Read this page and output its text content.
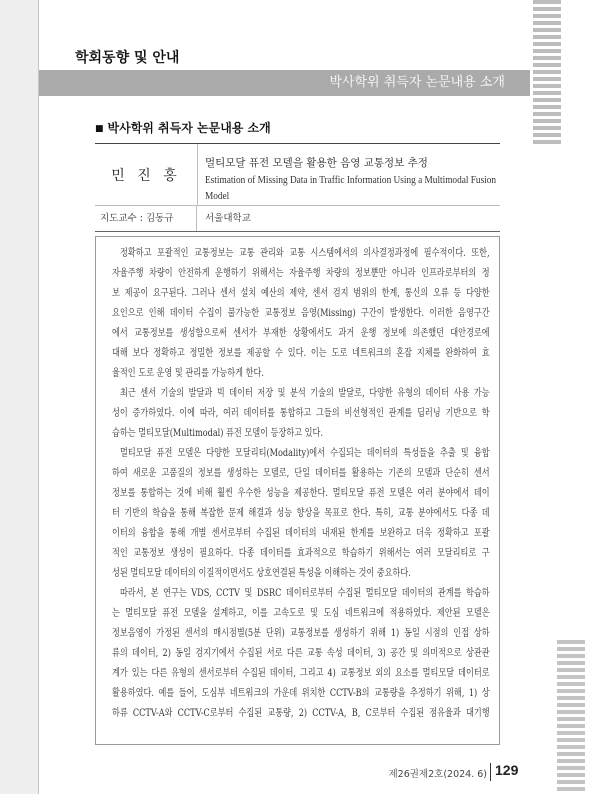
학회동향 및 안내
박사학위 취득자 논문내용 소개
■ 박사학위 취득자 논문내용 소개
민 진 홍
멀티모달 퓨전 모델을 활용한 음영 교통정보 추정
Estimation of Missing Data in Traffic Information Using a Multimodal Fusion Model
지도교수 : 김동규	서울대학교
정확하고 포괄적인 교통정보는 교통 관리와 교통 시스템에서의 의사결정과정에 필수적이다. 또한,
자율주행 차량이 안전하게 운행하기 위해서는 자율주행 차량의 정보뿐만 아니라 인프라로부터의 정
보 제공이 요구된다. 그러나 센서 설치 예산의 제약, 센서 검지 범위의 한계, 통신의 오류 등 다양한
요인으로 인해 데이터 수집이 불가능한 교통정보 음영(Missing) 구간이 발생한다. 이러한 음영구간
에서 교통정보를 생성함으로써 센서가 부재한 상황에서도 과거 운행 정보에 의존했던 대안경로에
대해 보다 정확하고 정밀한 정보를 제공할 수 있다. 이는 도로 네트워크의 혼잡 지체를 완화하여 효
율적인 도로 운영 및 관리를 가능하게 한다.
최근 센서 기술의 발달과 빅 데이터 저장 및 분석 기술의 발달로, 다양한 유형의 데이터 사용 가능
성이 증가하였다. 이에 따라, 여러 데이터를 통합하고 그들의 비선형적인 관계를 딥러닝 기반으로 학
습하는 멀티모달(Multimodal) 퓨전 모델이 등장하고 있다.
멀티모달 퓨전 모델은 다양한 모달리티(Modality)에서 수집되는 데이터의 특성들을 추출 및 융합
하여 새로운 고품질의 정보를 생성하는 모델로, 단일 데이터를 활용하는 기존의 모델과 단순히 센서
정보를 통합하는 것에 비해 훨씬 우수한 성능을 제공한다. 멀티모달 퓨전 모델은 여러 분야에서 데이
터 기반의 학습을 통해 복잡한 문제 해결과 성능 향상을 목표로 한다. 특히, 교통 분야에서도 다종 데
이터의 융합을 통해 개별 센서로부터 수집된 데이터의 내재된 한계를 보완하고 더욱 정확하고 포괄
적인 교통정보 생성이 필요하다. 다종 데이터를 효과적으로 학습하기 위해서는 여러 모달리티로 구
성된 멀티모달 데이터의 이질적이면서도 상호연결된 특성을 이해하는 것이 중요하다.
따라서, 본 연구는 VDS, CCTV 및 DSRC 데이터로부터 수집된 멀티모달 데이터의 관계를 학습하
는 멀티모달 퓨전 모델을 설계하고, 이를 고속도로 및 도심 네트워크에 적용하였다. 제안된 모델은
정보음영이 가정된 센서의 매시점별(5분 단위) 교통정보를 생성하기 위해 1) 동일 시점의 인접 상하
류의 데이터, 2) 동일 검지기에서 수집된 서로 다른 교통 속성 데이터, 3) 공간 및 의미적으로 상관관
계가 있는 다른 유형의 센서로부터 수집된 데이터, 그리고 4) 교통정보 외의 요소를 멀티모달 데이터로
활용하였다. 예를 들어, 도심부 네트워크의 가운데 위치한 CCTV-B의 교통량을 추정하기 위해, 1) 상
하류 CCTV-A와 CCTV-C로부터 수집된 교통량, 2) CCTV-A, B, C로부터 수집된 점유율과 대기행
제26권제2호(2024. 6) 129
